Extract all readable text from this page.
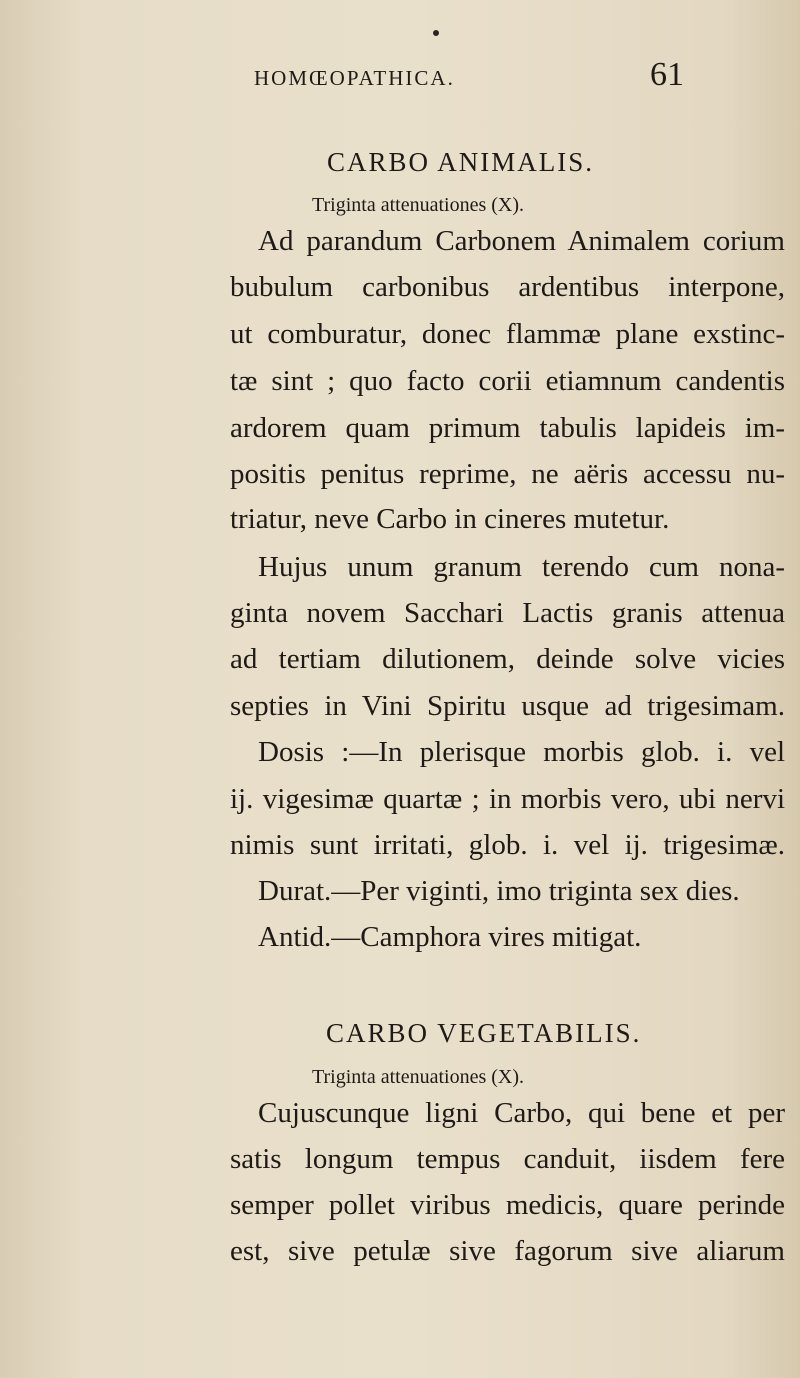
HOMŒOPATHICA.	61
CARBO ANIMALIS.
Triginta attenuationes (X).
Ad parandum Carbonem Animalem corium
bubulum carbonibus ardentibus interpone,
ut comburatur, donec flammæ plane exstinc-
tæ sint ; quo facto corii etiamnum candentis
ardorem quam primum tabulis lapideis im-
positis penitus reprime, ne aëris accessu nu-
triatur, neve Carbo in cineres mutetur.
Hujus unum granum terendo cum nona-
ginta novem Sacchari Lactis granis attenua
ad tertiam dilutionem, deinde solve vicies
septies in Vini Spiritu usque ad trigesimam.
Dosis :—In plerisque morbis glob. i. vel
ij. vigesimæ quartæ ; in morbis vero, ubi nervi
nimis sunt irritati, glob. i. vel ij. trigesimæ.
Durat.—Per viginti, imo triginta sex dies.
Antid.—Camphora vires mitigat.
CARBO VEGETABILIS.
Triginta attenuationes (X).
Cujuscunque ligni Carbo, qui bene et per
satis longum tempus canduit, iisdem fere
semper pollet viribus medicis, quare perinde
est, sive petulæ sive fagorum sive aliarum
